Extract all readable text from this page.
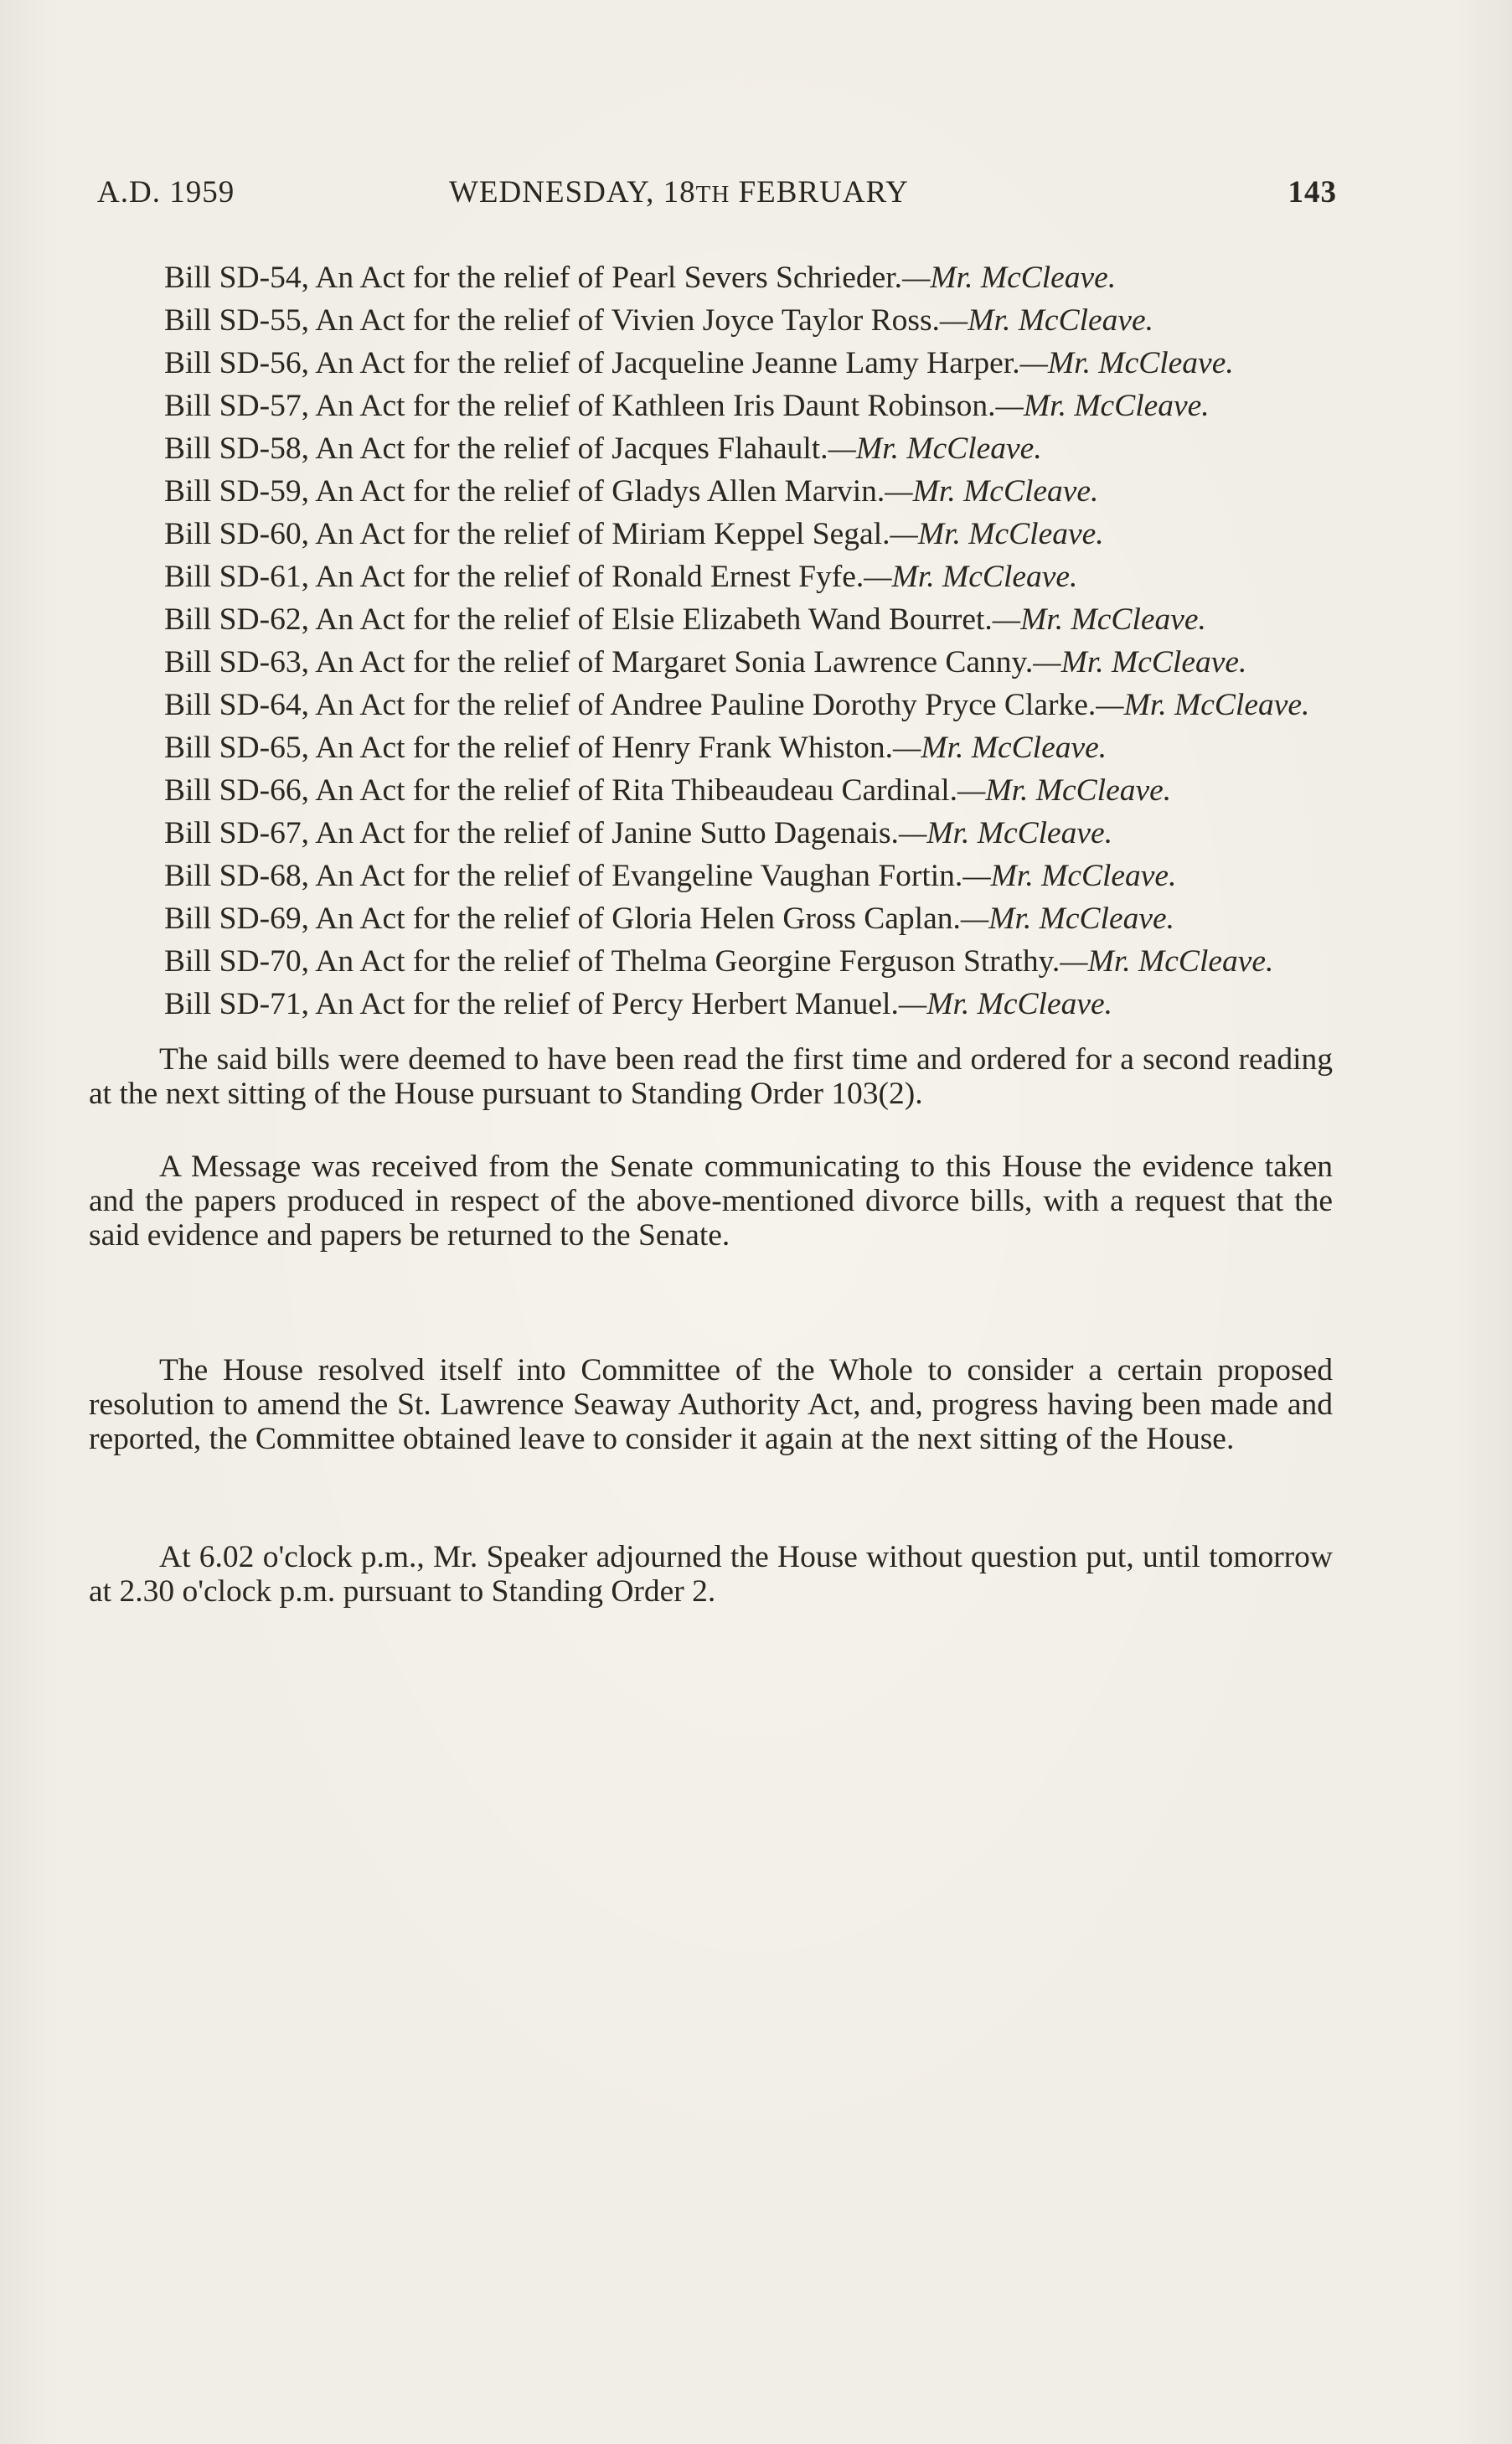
A.D. 1959	WEDNESDAY, 18TH FEBRUARY	143

Bill SD-54, An Act for the relief of Pearl Severs Schrieder.—Mr. McCleave.

Bill SD-55, An Act for the relief of Vivien Joyce Taylor Ross.—Mr. McCleave.

Bill SD-56, An Act for the relief of Jacqueline Jeanne Lamy Harper.—Mr. McCleave.

Bill SD-57, An Act for the relief of Kathleen Iris Daunt Robinson.—Mr. McCleave.

Bill SD-58, An Act for the relief of Jacques Flahault.—Mr. McCleave.

Bill SD-59, An Act for the relief of Gladys Allen Marvin.—Mr. McCleave.

Bill SD-60, An Act for the relief of Miriam Keppel Segal.—Mr. McCleave.

Bill SD-61, An Act for the relief of Ronald Ernest Fyfe.—Mr. McCleave.

Bill SD-62, An Act for the relief of Elsie Elizabeth Wand Bourret.—Mr. McCleave.

Bill SD-63, An Act for the relief of Margaret Sonia Lawrence Canny.—Mr. McCleave.

Bill SD-64, An Act for the relief of Andree Pauline Dorothy Pryce Clarke.—Mr. McCleave.

Bill SD-65, An Act for the relief of Henry Frank Whiston.—Mr. McCleave.

Bill SD-66, An Act for the relief of Rita Thibeaudeau Cardinal.—Mr. McCleave.

Bill SD-67, An Act for the relief of Janine Sutto Dagenais.—Mr. McCleave.

Bill SD-68, An Act for the relief of Evangeline Vaughan Fortin.—Mr. McCleave.

Bill SD-69, An Act for the relief of Gloria Helen Gross Caplan.—Mr. McCleave.

Bill SD-70, An Act for the relief of Thelma Georgine Ferguson Strathy.—Mr. McCleave.

Bill SD-71, An Act for the relief of Percy Herbert Manuel.—Mr. McCleave.

The said bills were deemed to have been read the first time and ordered for a second reading at the next sitting of the House pursuant to Standing Order 103(2).

A Message was received from the Senate communicating to this House the evidence taken and the papers produced in respect of the above-mentioned divorce bills, with a request that the said evidence and papers be returned to the Senate.

The House resolved itself into Committee of the Whole to consider a certain proposed resolution to amend the St. Lawrence Seaway Authority Act, and, progress having been made and reported, the Committee obtained leave to consider it again at the next sitting of the House.

At 6.02 o'clock p.m., Mr. Speaker adjourned the House without question put, until tomorrow at 2.30 o'clock p.m. pursuant to Standing Order 2.
